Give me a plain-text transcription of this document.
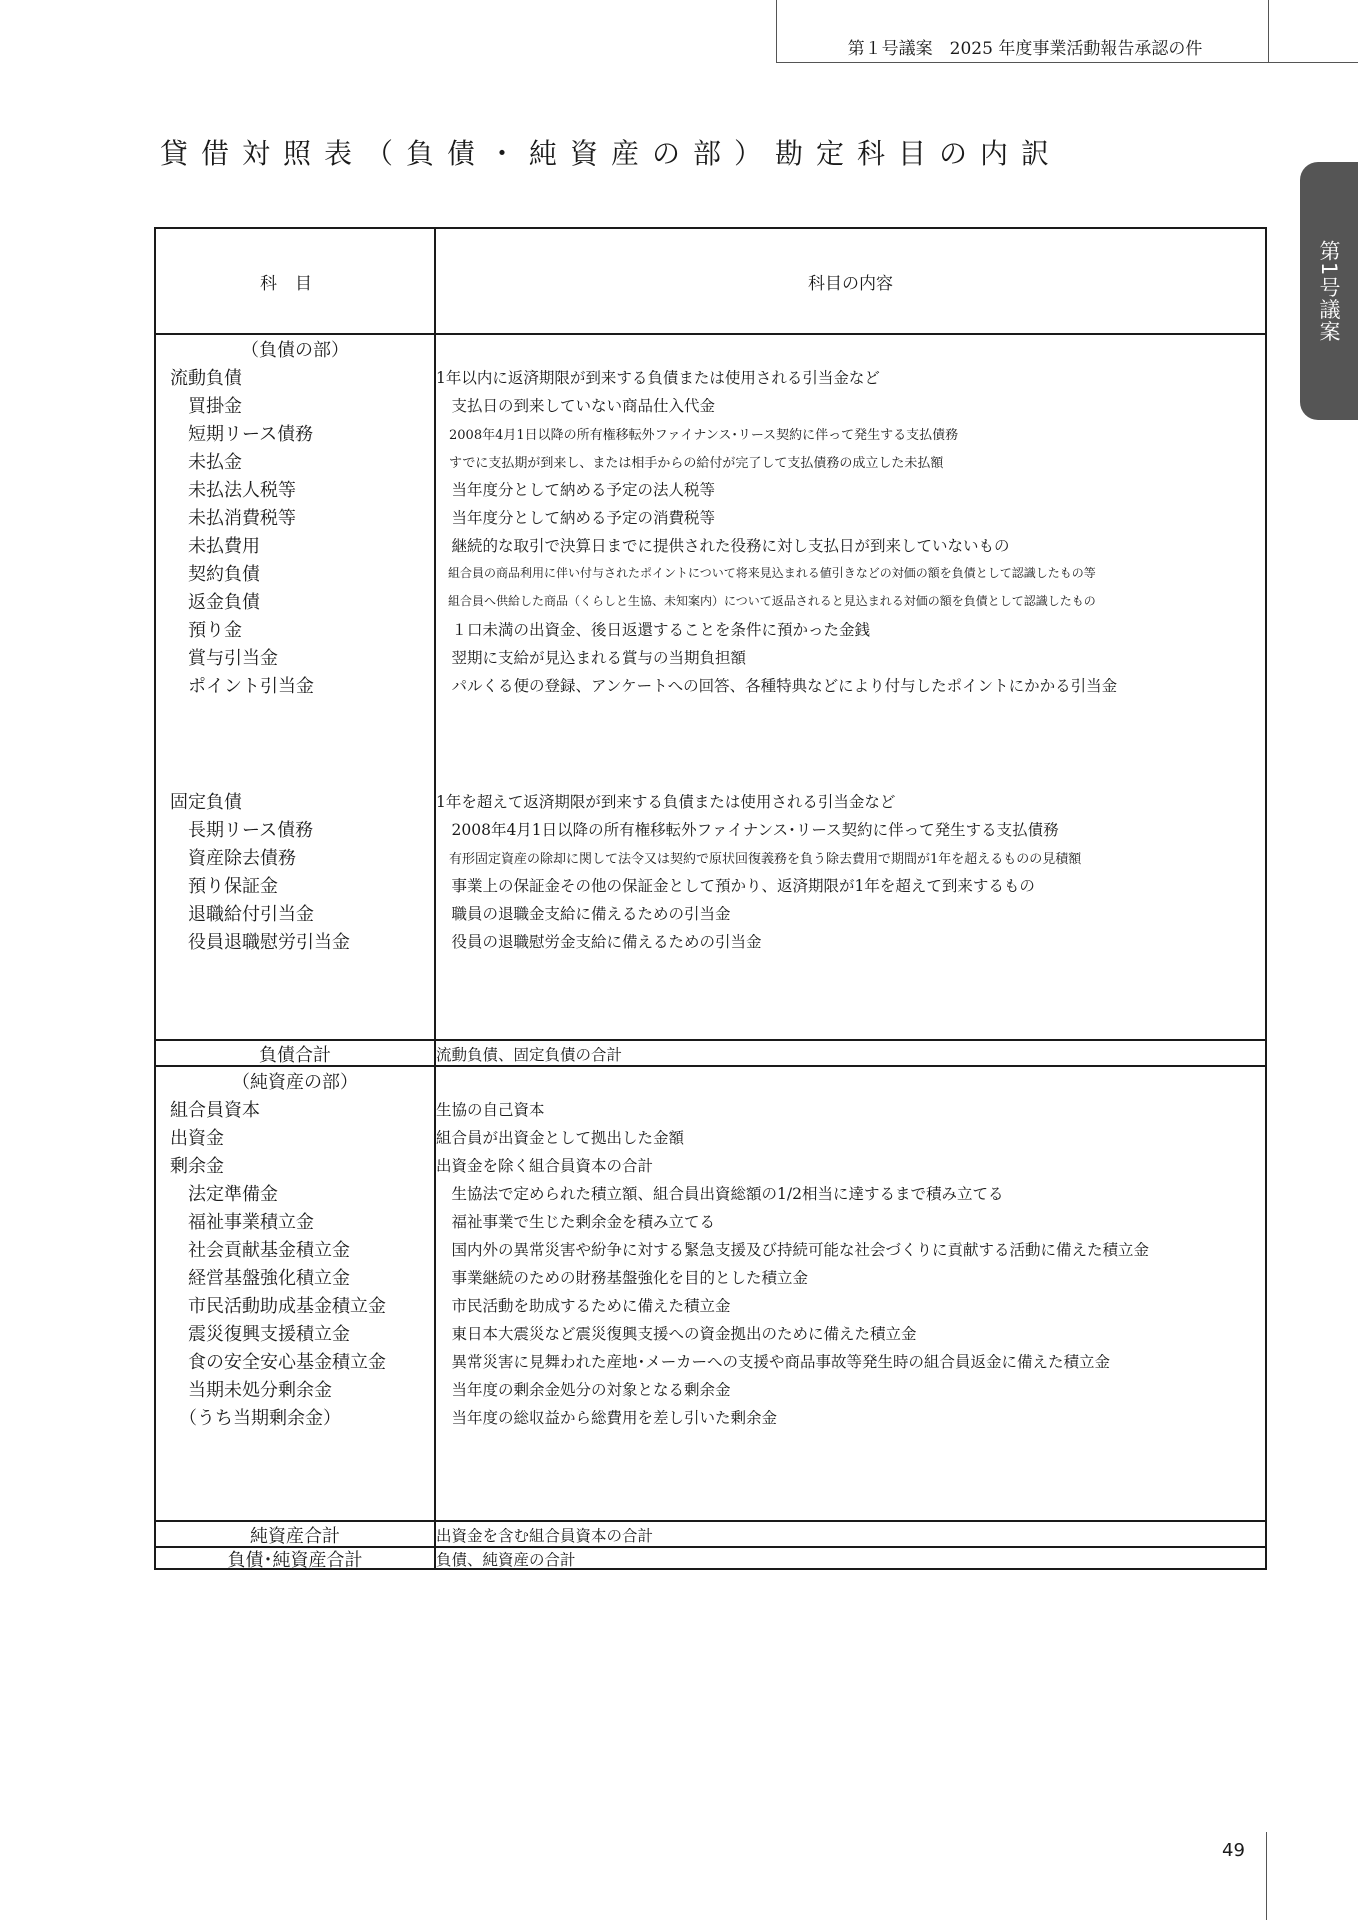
第１号議案　2025 年度事業活動報告承認の件
第1号議案
貸借対照表（負債・純資産の部）勘定科目の内訳
科目	科目の内容
（負債の部）
流動負債	1年以内に返済期限が到来する負債または使用される引当金など
　買掛金	　支払日の到来していない商品仕入代金
　短期リース債務	　2008年4月1日以降の所有権移転外ファイナンス･リース契約に伴って発生する支払債務
　未払金	　すでに支払期が到来し、または相手からの給付が完了して支払債務の成立した未払額
　未払法人税等	　当年度分として納める予定の法人税等
　未払消費税等	　当年度分として納める予定の消費税等
　未払費用	　継続的な取引で決算日までに提供された役務に対し支払日が到来していないもの
　契約負債	　組合員の商品利用に伴い付与されたポイントについて将来見込まれる値引きなどの対価の額を負債として認識したもの等
　返金負債	　組合員へ供給した商品（くらしと生協、未知案内）について返品されると見込まれる対価の額を負債として認識したもの
　預り金	　１口未満の出資金、後日返還することを条件に預かった金銭
　賞与引当金	　翌期に支給が見込まれる賞与の当期負担額
　ポイント引当金	　パルくる便の登録、アンケートへの回答、各種特典などにより付与したポイントにかかる引当金
固定負債	1年を超えて返済期限が到来する負債または使用される引当金など
　長期リース債務	　2008年4月1日以降の所有権移転外ファイナンス･リース契約に伴って発生する支払債務
　資産除去債務	　有形固定資産の除却に関して法令又は契約で原状回復義務を負う除去費用で期間が1年を超えるものの見積額
　預り保証金	　事業上の保証金その他の保証金として預かり、返済期限が1年を超えて到来するもの
　退職給付引当金	　職員の退職金支給に備えるための引当金
　役員退職慰労引当金	　役員の退職慰労金支給に備えるための引当金
負債合計	流動負債、固定負債の合計
（純資産の部）
組合員資本	生協の自己資本
出資金	組合員が出資金として拠出した金額
剰余金	出資金を除く組合員資本の合計
　法定準備金	　生協法で定められた積立額、組合員出資総額の1/2相当に達するまで積み立てる
　福祉事業積立金	　福祉事業で生じた剰余金を積み立てる
　社会貢献基金積立金	　国内外の異常災害や紛争に対する緊急支援及び持続可能な社会づくりに貢献する活動に備えた積立金
　経営基盤強化積立金	　事業継続のための財務基盤強化を目的とした積立金
　市民活動助成基金積立金	　市民活動を助成するために備えた積立金
　震災復興支援積立金	　東日本大震災など震災復興支援への資金拠出のために備えた積立金
　食の安全安心基金積立金	　異常災害に見舞われた産地･メーカーへの支援や商品事故等発生時の組合員返金に備えた積立金
　当期未処分剰余金	　当年度の剰余金処分の対象となる剰余金
　（うち当期剰余金）	　当年度の総収益から総費用を差し引いた剰余金
純資産合計	出資金を含む組合員資本の合計
負債･純資産合計	負債、純資産の合計
49
